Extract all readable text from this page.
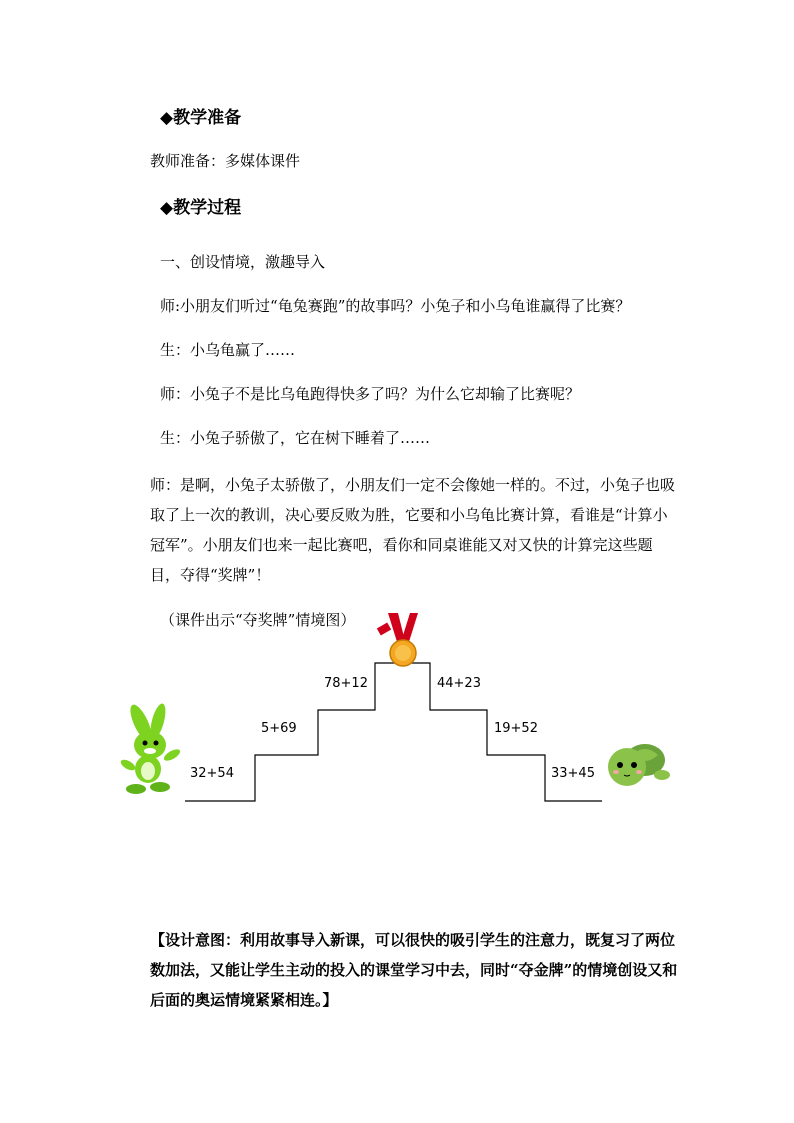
◆教学准备
教师准备：多媒体课件
◆教学过程
一、创设情境，激趣导入
师:小朋友们听过“龟兔赛跑”的故事吗？小兔子和小乌龟谁赢得了比赛？
生：小乌龟赢了……
师：小兔子不是比乌龟跑得快多了吗？为什么它却输了比赛呢？
生：小兔子骄傲了，它在树下睡着了……
师：是啊，小兔子太骄傲了，小朋友们一定不会像她一样的。不过，小兔子也吸取了上一次的教训，决心要反败为胜，它要和小乌龟比赛计算，看谁是“计算小冠军”。小朋友们也来一起比赛吧，看你和同桌谁能又对又快的计算完这些题目，夺得“奖牌”！
（课件出示“夺奖牌”情境图）
32+54
5+69
78+12	44+23
19+52
33+45
【设计意图：利用故事导入新课，可以很快的吸引学生的注意力，既复习了两位数加法，又能让学生主动的投入的课堂学习中去，同时“夺金牌”的情境创设又和后面的奥运情境紧紧相连。】
